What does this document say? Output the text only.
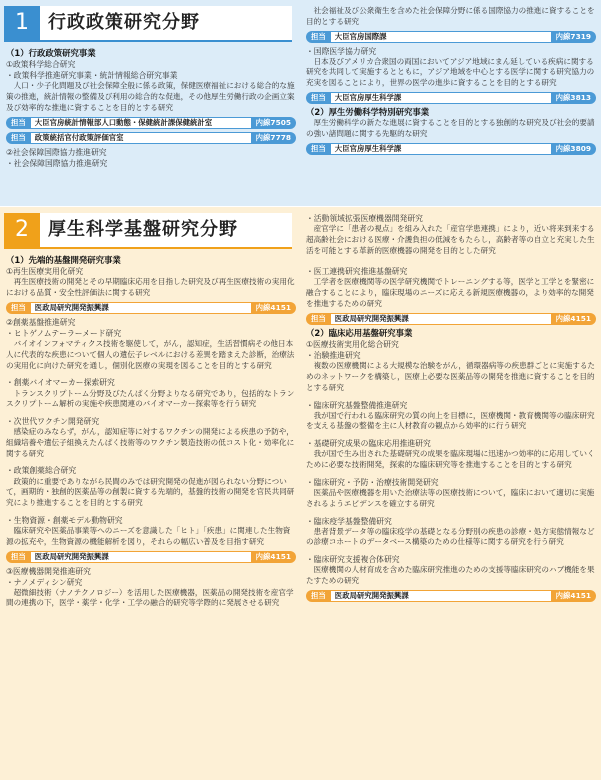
1	行政政策研究分野
（1）行政政策研究事業
①政策科学総合研究
・政策科学推進研究事業・統計情報総合研究事業
人口・少子化問題及び社会保障全般に係る政策，保健医療福祉における総合的な施策の推進，統計情報の整備及び利用の総合的な促進，その他厚生労働行政の企画立案及び効率的な推進に資することを目的とする研究
担当	大臣官房統計情報部人口動態・保健統計課保健統計室	内線7505
担当	政策統括官付政策評価官室	内線7778
②社会保障国際協力推進研究
・社会保障国際協力推進研究
社会福祉及び公衆衛生を含めた社会保障分野に係る国際協力の推進に資することを目的とする研究
担当	大臣官房国際課	内線7319
・国際医学協力研究
日本及びアメリカ合衆国の両国においてアジア地域にまん延している疾病に関する研究を共同して実施するとともに，アジア地域を中心とする医学に関する研究協力の充実を図ることにより，世界の医学の進歩に資することを目的とする研究
担当	大臣官房厚生科学課	内線3813
（2）厚生労働科学特別研究事業
厚生労働科学の新たな進展に資することを目的とする独創的な研究及び社会的要請の強い諸問題に関する先駆的な研究
担当	大臣官房厚生科学課	内線3809
2	厚生科学基盤研究分野
（1）先端的基盤開発研究事業
①再生医療実用化研究
再生医療技術の開発とその早期臨床応用を目指した研究及び再生医療技術の実用化における品質・安全性評価法に関する研究
担当	医政局研究開発振興課	内線4151
②創薬基盤推進研究
・ヒトゲノムテーラーメード研究
バイオインフォマティクス技術を駆使して，がん，認知症，生活習慣病その他日本人に代表的な疾患について個人の遺伝子レベルにおける差異を踏まえた診断，治療法の実用化に向けた研究を通し，個別化医療の実現を図ることを目的とする研究
・創薬バイオマーカー探索研究
トランスクリプトーム分野及びたんぱく分野よりなる研究であり，包括的なトランスクリプトーム解析の実施や疾患関連のバイオマーカー探索等を行う研究
・次世代ワクチン開発研究
感染症のみならず，がん，認知症等に対するワクチンの開発による疾患の予防や，組織培養や遺伝子組換えたんぱく技術等のワクチン製造技術の低コスト化・効率化に関する研究
・政策創薬総合研究
政策的に重要でありながら民間のみでは研究開発の促進が図られない分野について，画期的・独創的医薬品等の創製に資する先端的，基盤的技術の開発を官民共同研究により推進することを目的とする研究
・生物資源・創薬モデル動物研究
臨床研究や医薬品事業等へのニーズを意識した「ヒト」「疾患」に関連した生物資源の拡充や，生物資源の機能解析を図り，それらの幅広い普及を目指す研究
担当	医政局研究開発振興課	内線4151
③医療機器開発推進研究
・ナノメディシン研究
超微細技術（ナノテクノロジー）を活用した医療機器，医薬品の開発技術を産官学間の連携の下，医学・薬学・化学・工学の融合的研究等学際的に発展させる研究
・活動領域拡張医療機器開発研究
産官学に「患者の視点」を組み入れた「産官学患連携」により，近い将来到来する超高齢社会における医療・介護負担の低減をもたらし，高齢者等の自立と充実した生活を可能とする革新的医療機器の開発を目的とした研究
・医工連携研究推進基盤研究
工学者を医療機関等の医学研究機関でトレーニングする等，医学と工学とを緊密に融合することにより，臨床現場のニーズに応える新規医療機器の，より効率的な開発を推進するための研究
担当	医政局研究開発振興課	内線4151
（2）臨床応用基盤研究事業
①医療技術実用化総合研究
・治験推進研究
複数の医療機関による大規模な治験をがん，循環器病等の疾患群ごとに実施するためのネットワークを構築し，医療上必要な医薬品等の開発を推進に資することを目的とする研究
・臨床研究基盤整備推進研究
我が国で行われる臨床研究の質の向上を目標に，医療機関・教育機関等の臨床研究を支える基盤の整備を主に人材教育の観点から効率的に行う研究
・基礎研究成果の臨床応用推進研究
我が国で生み出された基礎研究の成果を臨床現場に迅速かつ効率的に応用していくために必要な技術開発，探索的な臨床研究等を推進することを目的とする研究
・臨床研究・予防・治療技術開発研究
医薬品や医療機器を用いた治療法等の医療技術について，臨床において適切に実施されるようエビデンスを確立する研究
・臨床疫学基盤整備研究
患者背景データ等の臨床疫学の基礎となる分野別の疾患の診療・処方実態情報などの診療コホートのデータベース構築のための仕様等に関する研究を行う研究
・臨床研究支援複合体研究
医療機関の人材育成を含めた臨床研究推進のための支援等臨床研究のハブ機能を果たすための研究
担当	医政局研究開発振興課	内線4151
